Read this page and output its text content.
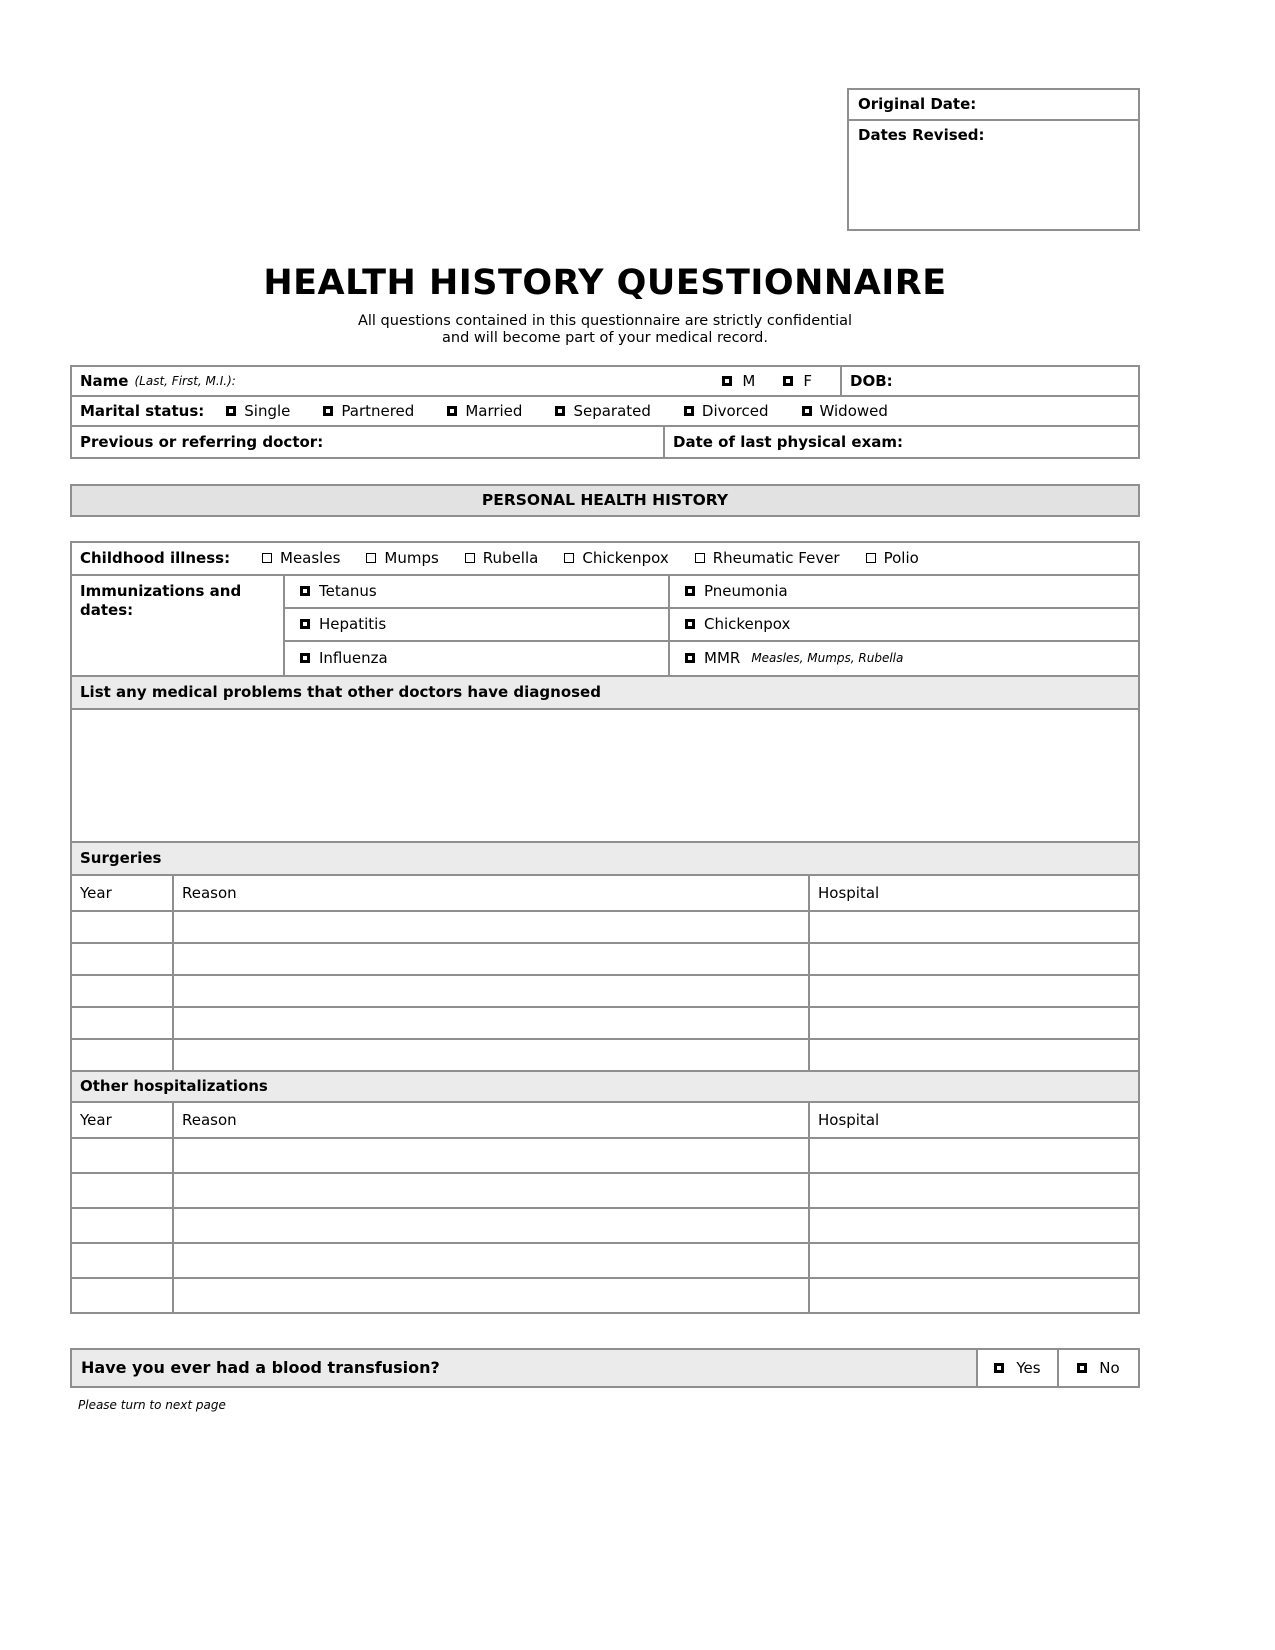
Original Date:
Dates Revised:
HEALTH HISTORY QUESTIONNAIRE
All questions contained in this questionnaire are strictly confidential
and will become part of your medical record.
Name (Last, First, M.I.):	M	F	DOB:
Marital status:	Single	Partnered	Married	Separated	Divorced	Widowed
Previous or referring doctor:	Date of last physical exam:
PERSONAL HEALTH HISTORY
Childhood illness:	Measles	Mumps	Rubella	Chickenpox	Rheumatic Fever	Polio
Immunizations and dates:
Tetanus	Pneumonia
Hepatitis	Chickenpox
Influenza	MMR Measles, Mumps, Rubella
List any medical problems that other doctors have diagnosed
Surgeries
Year	Reason	Hospital
Other hospitalizations
Year	Reason	Hospital
Have you ever had a blood transfusion?	Yes	No
Please turn to next page
